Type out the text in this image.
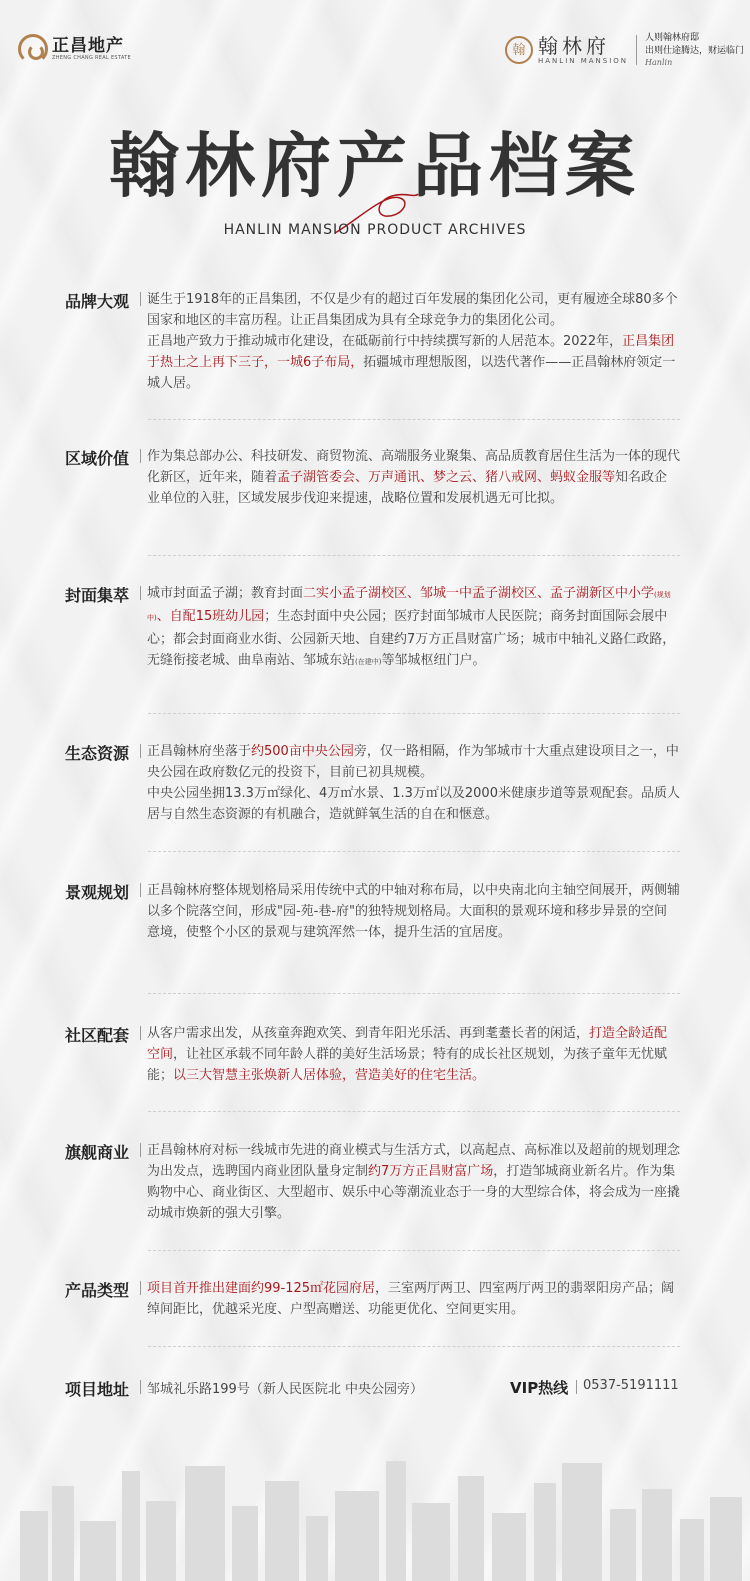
正昌地产
ZHENG CHANG REAL ESTATE
翰 翰林府
HANLIN MANSION
人则翰林府邸
出则仕途腾达，财运临门
Hanlin
翰林府产品档案
HANLIN MANSION PRODUCT ARCHIVES
品牌大观	诞生于1918年的正昌集团，不仅是少有的超过百年发展的集团化公司，更有履迹全球80多个国家和地区的丰富历程。让正昌集团成为具有全球竞争力的集团化公司。

正昌地产致力于推动城市化建设，在砥砺前行中持续撰写新的人居范本。2022年，正昌集团于热土之上再下三子，一城6子布局，拓疆城市理想版图，以迭代著作——正昌翰林府领定一城人居。

区域价值	作为集总部办公、科技研发、商贸物流、高端服务业聚集、高品质教育居住生活为一体的现代化新区，近年来，随着孟子湖管委会、万声通讯、梦之云、猪八戒网、蚂蚁金服等知名政企业单位的入驻，区域发展步伐迎来提速，战略位置和发展机遇无可比拟。

封面集萃	城市封面孟子湖；教育封面二实小孟子湖校区、邹城一中孟子湖校区、孟子湖新区中小学(规划中)、自配15班幼儿园；生态封面中央公园；医疗封面邹城市人民医院；商务封面国际会展中心；都会封面商业水街、公园新天地、自建约7万方正昌财富广场；城市中轴礼义路仁政路，无缝衔接老城、曲阜南站、邹城东站(在建中)等邹城枢纽门户。

生态资源	正昌翰林府坐落于约500亩中央公园旁，仅一路相隔，作为邹城市十大重点建设项目之一，中央公园在政府数亿元的投资下，目前已初具规模。

中央公园坐拥13.3万㎡绿化、4万㎡水景、1.3万㎡以及2000米健康步道等景观配套。品质人居与自然生态资源的有机融合，造就鲜氧生活的自在和惬意。

景观规划	正昌翰林府整体规划格局采用传统中式的中轴对称布局，以中央南北向主轴空间展开，两侧辅以多个院落空间，形成"园-苑-巷-府"的独特规划格局。大面积的景观环境和移步异景的空间意境，使整个小区的景观与建筑浑然一体，提升生活的宜居度。

社区配套	从客户需求出发，从孩童奔跑欢笑、到青年阳光乐活、再到耄耋长者的闲适，打造全龄适配空间，让社区承载不同年龄人群的美好生活场景；特有的成长社区规划，为孩子童年无忧赋能；以三大智慧主张焕新人居体验，营造美好的住宅生活。

旗舰商业	正昌翰林府对标一线城市先进的商业模式与生活方式，以高起点、高标准以及超前的规划理念为出发点，选聘国内商业团队量身定制约7万方正昌财富广场，打造邹城商业新名片。作为集购物中心、商业街区、大型超市、娱乐中心等潮流业态于一身的大型综合体，将会成为一座撬动城市焕新的强大引擎。

产品类型	项目首开推出建面约99-125㎡花园府居，三室两厅两卫、四室两厅两卫的翡翠阳房产品；阔绰间距比，优越采光度、户型高赠送、功能更优化、空间更实用。

项目地址 邹城礼乐路199号（新人民医院北 中央公园旁）	VIP热线 0537-5191111
